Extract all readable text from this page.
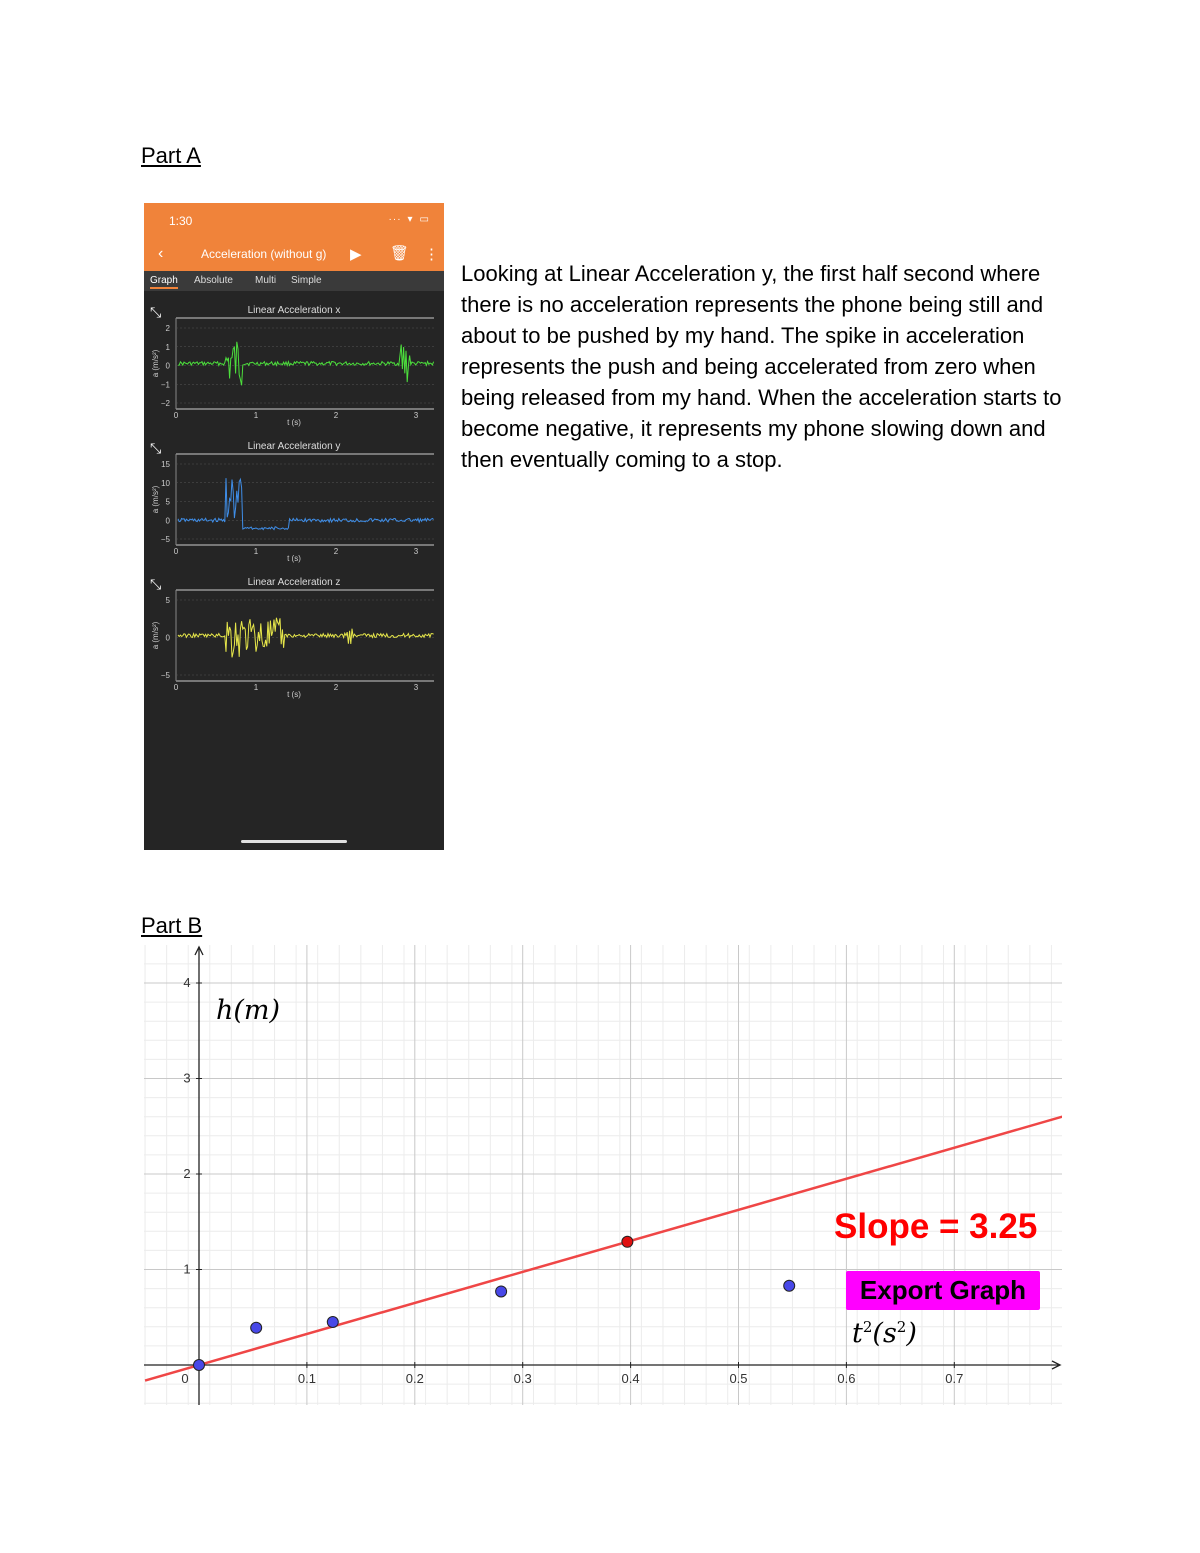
Part A
1:30	··· ▾ ▭
‹	Acceleration (without g) ▶ 🗑 ⋮
Graph Absolute Multi Simple
⤡	Linear Acceleration x
2
1
0
−1
−2
0	1	2	3
t (s)
a (m/s²)
⤡	Linear Acceleration y
15
10
5
0
−5
0	1	2	3
t (s)
a (m/s²)
⤡	Linear Acceleration z
5
0
−5
0	1	2	3
t (s)
a (m/s²)

Looking at Linear Acceleration y, the first half second where there is no acceleration represents the phone being still and about to be pushed by my hand. The spike in acceleration represents the push and being accelerated from zero when being released from my hand. When the acceleration starts to become negative, it represents my phone slowing down and then eventually coming to a stop.

Part B
0	0.1	0.2	0.3	0.4	0.5	0.6	0.7
1
2
3
4
h(m)
$t^2(s^2)$
Slope = 3.25
Export Graph
